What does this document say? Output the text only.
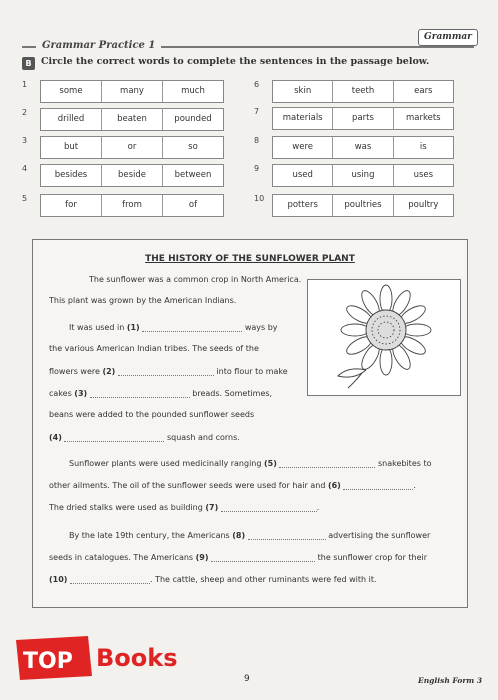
Grammar Practice 1
Grammar
B Circle the correct words to complete the sentences in the passage below.
1
some	many	much
2
drilled	beaten	pounded
3
but	or	so
4
besides	beside	between
5
for	from	of
6
skin	teeth	ears
7
materials	parts	markets
8
were	was	is
9
used	using	uses
10
potters	poultries	poultry
THE HISTORY OF THE SUNFLOWER PLANT
The sunflower was a common crop in North America.
This plant was grown by the American Indians.
It was used in (1)	ways by
the various American Indian tribes. The seeds of the
flowers were (2)	into flour to make
cakes (3)	breads. Sometimes,
beans were added to the pounded sunflower seeds
(4)	squash and corns.
Sunflower plants were used medicinally ranging (5)	snakebites to
other ailments. The oil of the sunflower seeds were used for hair and (6)	.
The dried stalks were used as building (7)	.
By the late 19th century, the Americans (8)	advertising the sunflower
seeds in catalogues. The Americans (9)	the sunflower crop for their
(10)	. The cattle, sheep and other ruminants were fed with it.
TOP Books
9	English Form 3
